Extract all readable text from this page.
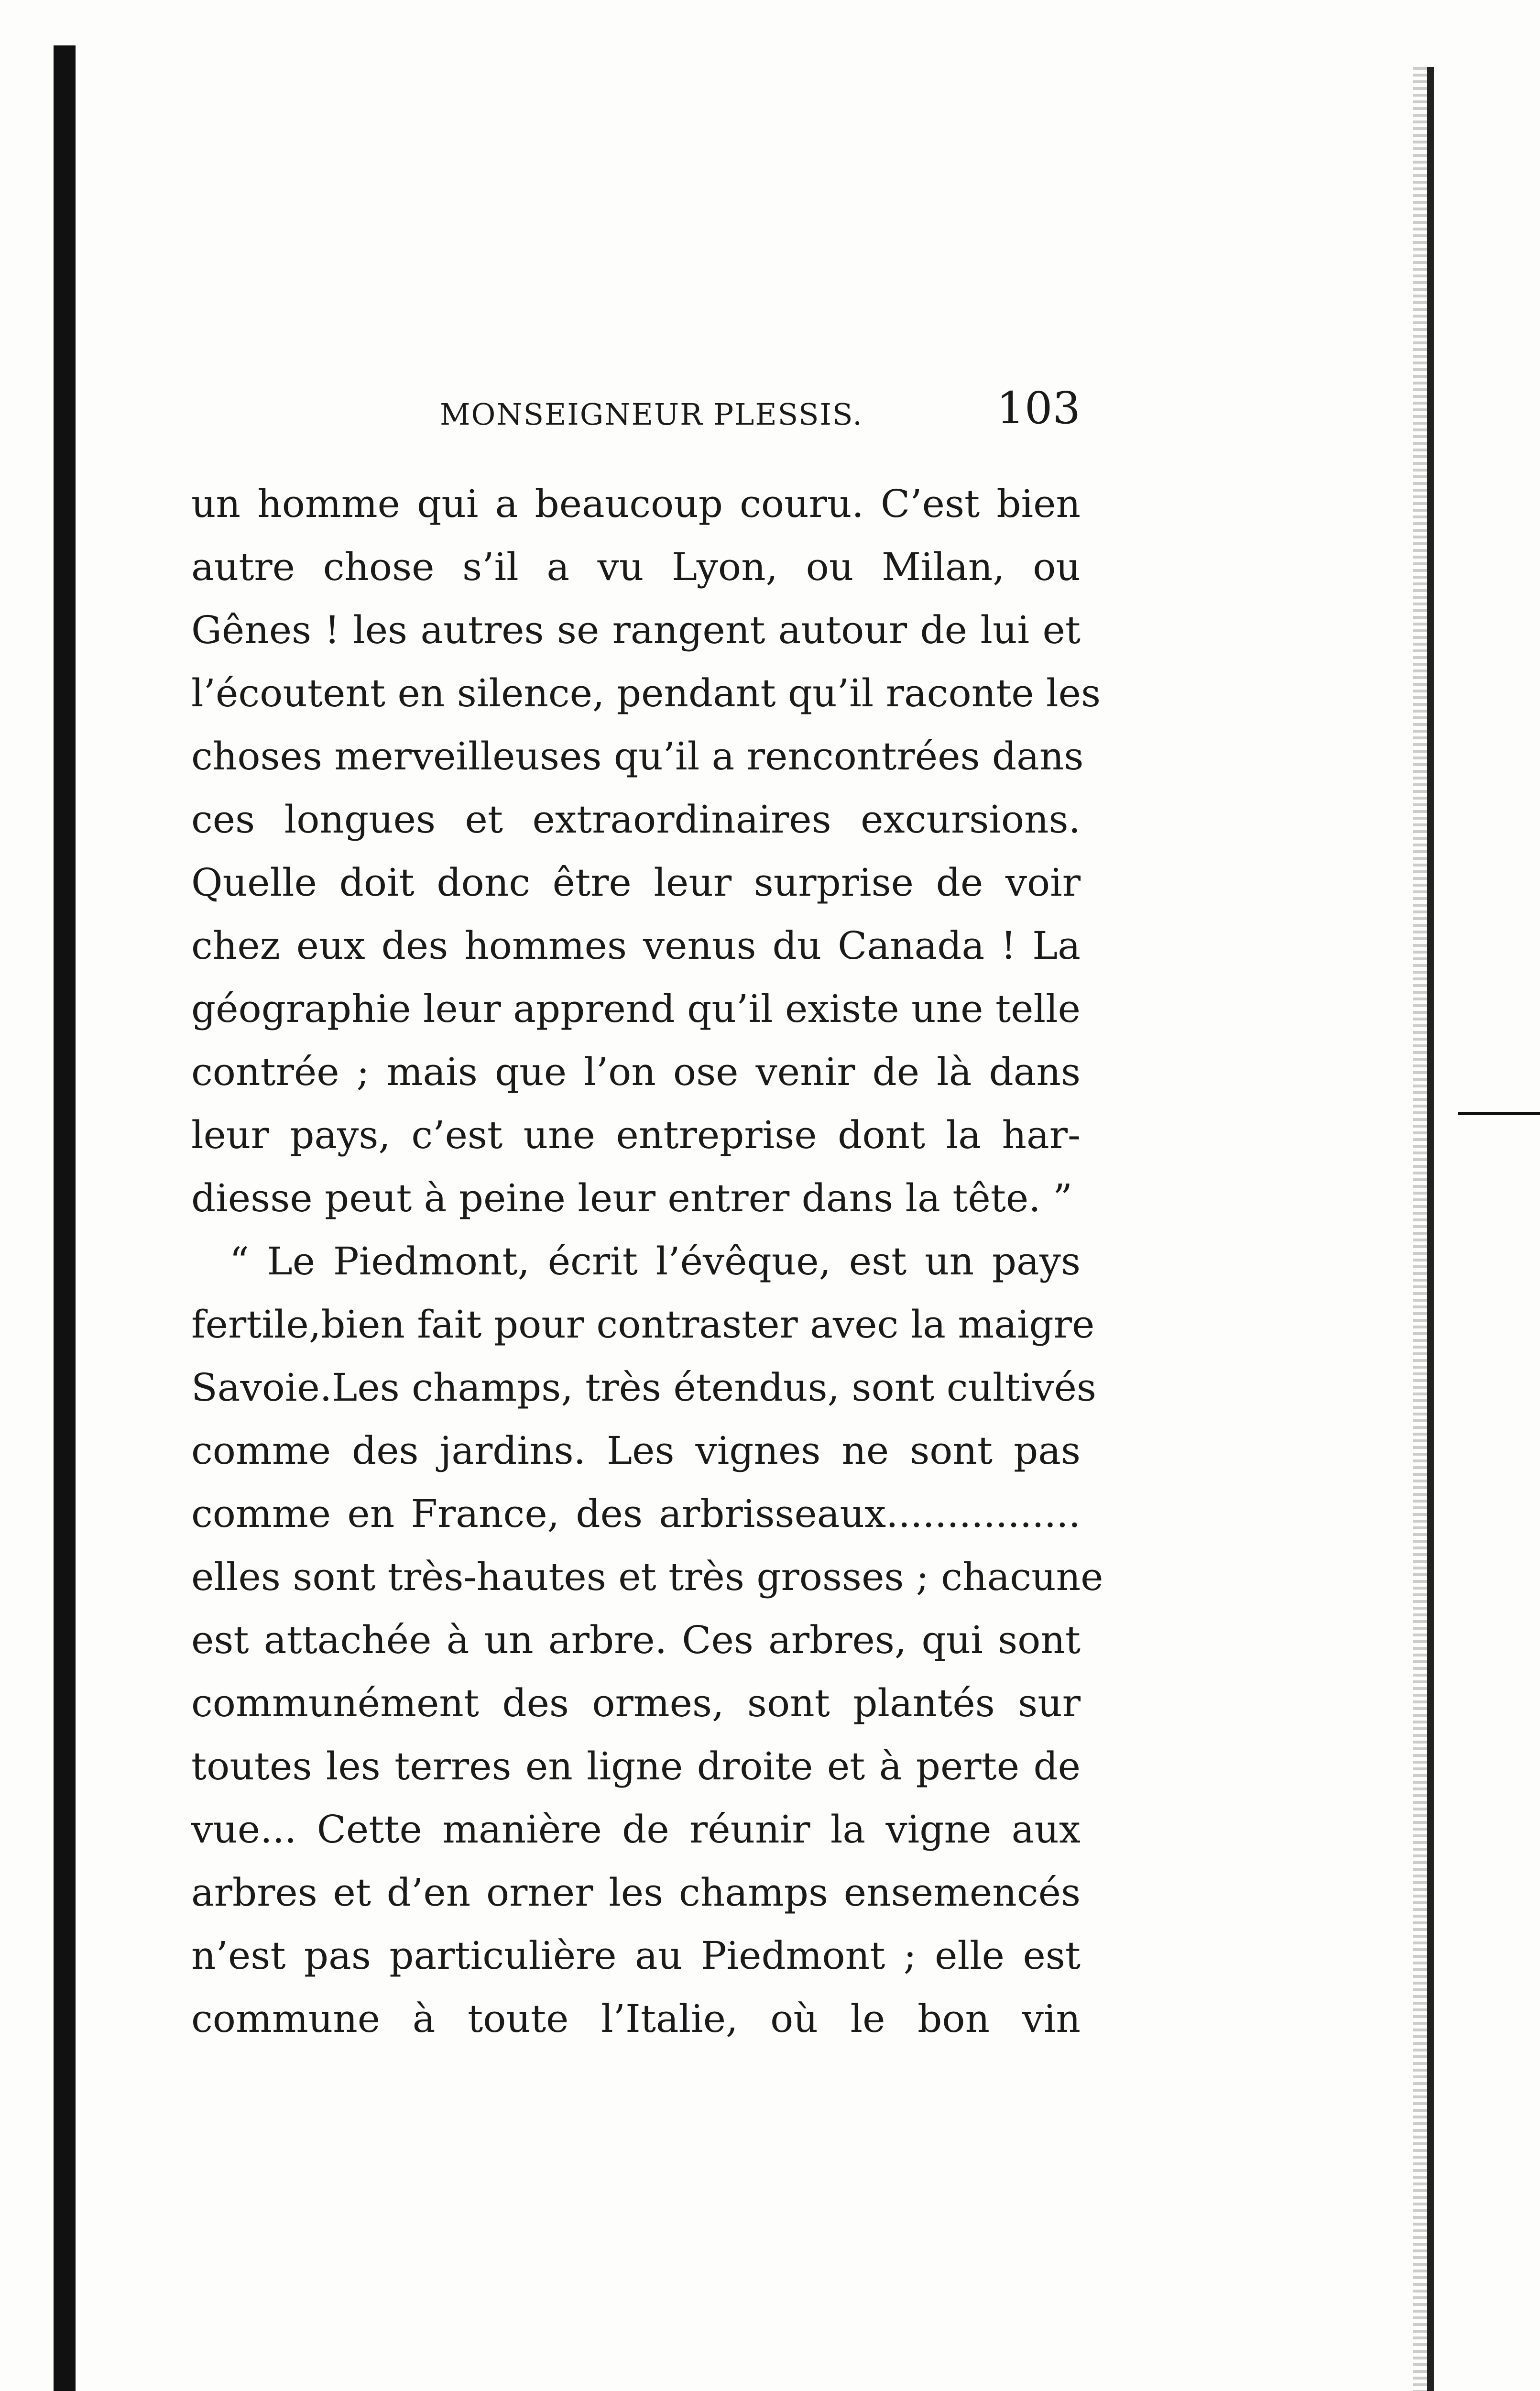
MONSEIGNEUR PLESSIS.	103
un homme qui a beaucoup couru. C’est bien
autre chose s’il a vu Lyon, ou Milan, ou
Gênes ! les autres se rangent autour de lui et
l’écoutent en silence, pendant qu’il raconte les
choses merveilleuses qu’il a rencontrées dans
ces longues et extraordinaires excursions.
Quelle doit donc être leur surprise de voir
chez eux des hommes venus du Canada ! La
géographie leur apprend qu’il existe une telle
contrée ; mais que l’on ose venir de là dans
leur pays, c’est une entreprise dont la har-
diesse peut à peine leur entrer dans la tête. ”
“ Le Piedmont, écrit l’évêque, est un pays
fertile,bien fait pour contraster avec la maigre
Savoie.Les champs, très étendus, sont cultivés
comme des jardins. Les vignes ne sont pas
comme en France, des arbrisseaux................
elles sont très-hautes et très grosses ; chacune
est attachée à un arbre. Ces arbres, qui sont
communément des ormes, sont plantés sur
toutes les terres en ligne droite et à perte de
vue... Cette manière de réunir la vigne aux
arbres et d’en orner les champs ensemencés
n’est pas particulière au Piedmont ; elle est
commune à toute l’Italie, où le bon vin
